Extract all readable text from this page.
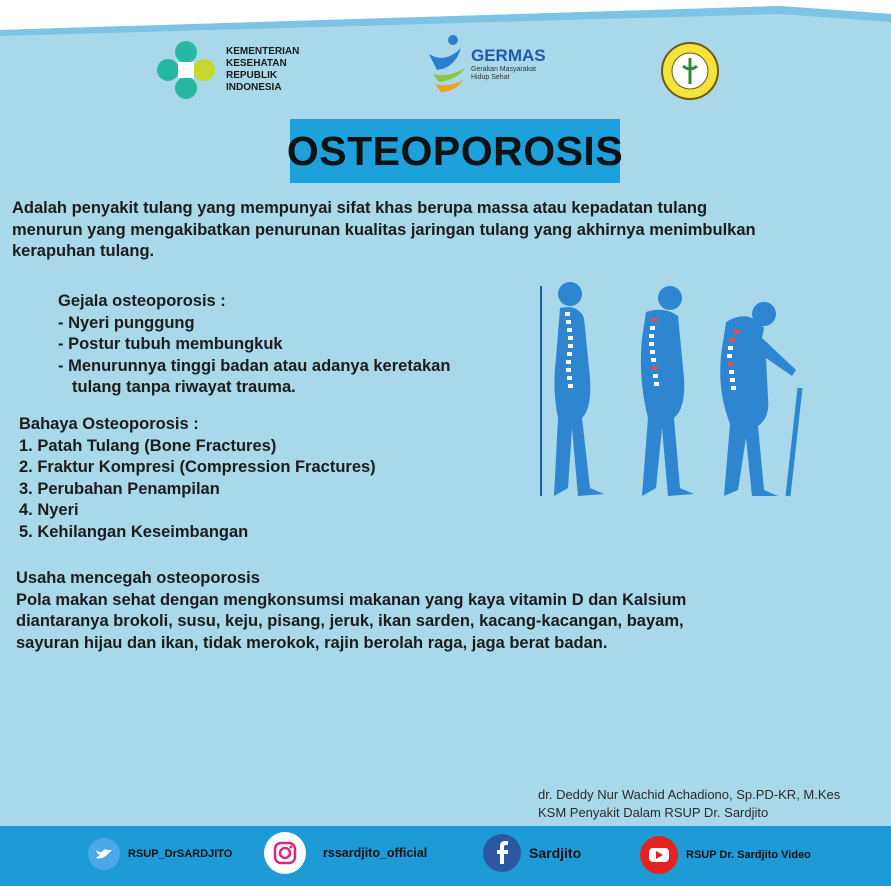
KEMENTERIAN
KESEHATAN
REPUBLIK
INDONESIA
GERMAS
Gerakan Masyarakat
Hidup Sehat
OSTEOPOROSIS
Adalah penyakit tulang yang mempunyai sifat khas berupa massa atau kepadatan tulang
menurun yang mengakibatkan penurunan kualitas jaringan tulang yang akhirnya menimbulkan
kerapuhan tulang.
Gejala osteoporosis :
- Nyeri punggung
- Postur tubuh membungkuk
- Menurunnya tinggi badan atau adanya keretakan
tulang tanpa riwayat trauma.
Bahaya Osteoporosis :
1. Patah Tulang (Bone Fractures)
2. Fraktur Kompresi (Compression Fractures)
3. Perubahan Penampilan
4. Nyeri
5. Kehilangan Keseimbangan
Usaha mencegah osteoporosis
Pola makan sehat dengan mengkonsumsi makanan yang kaya vitamin D dan Kalsium
diantaranya brokoli, susu, keju, pisang, jeruk, ikan sarden, kacang-kacangan, bayam,
sayuran hijau dan ikan, tidak merokok, rajin berolah raga, jaga berat badan.
dr. Deddy Nur Wachid Achadiono, Sp.PD-KR, M.Kes
KSM Penyakit Dalam RSUP Dr. Sardjito
RSUP_DrSARDJITO	rssardjito_official	Sardjito	RSUP Dr. Sardjito Video
